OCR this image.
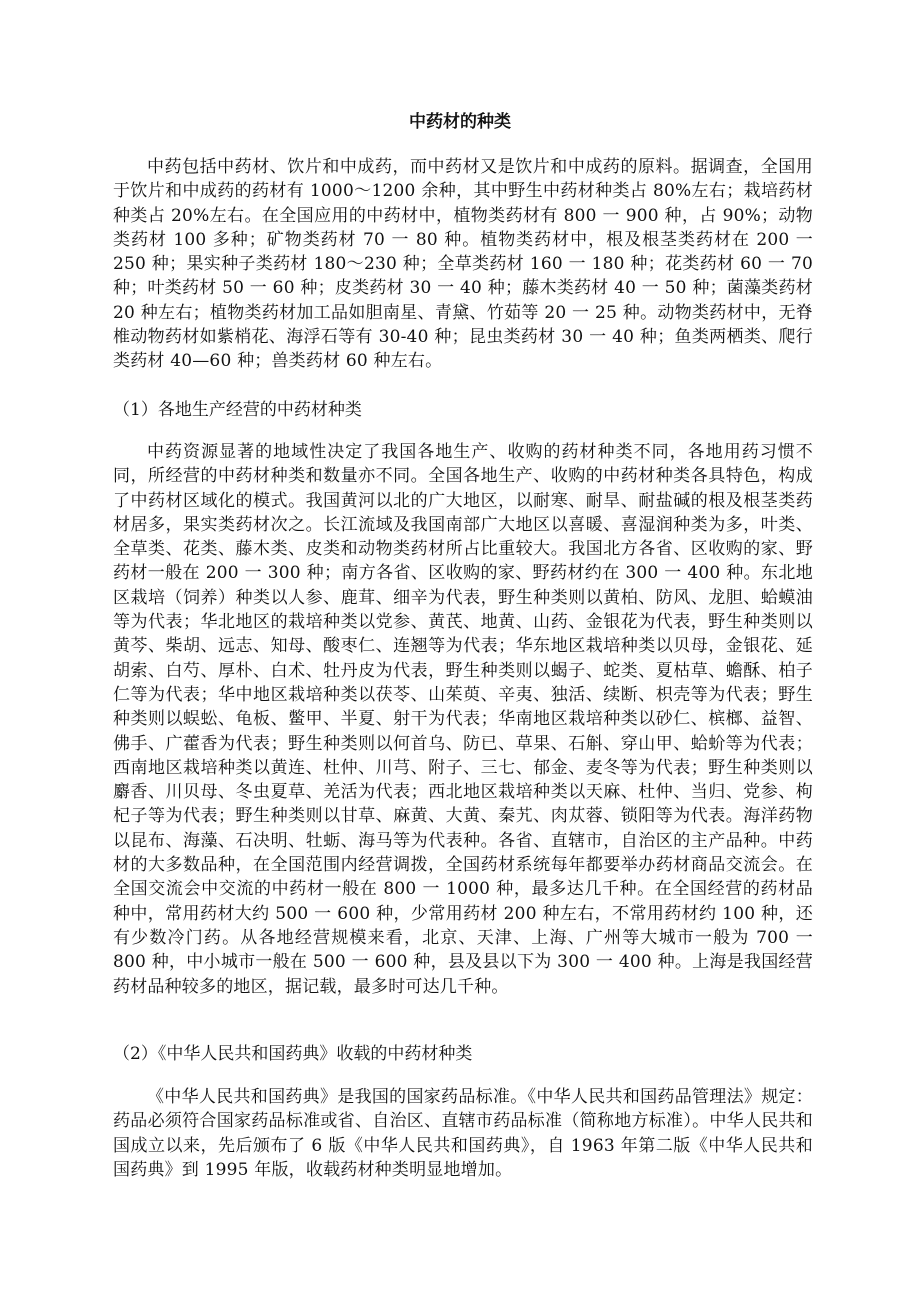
中药材的种类

中药包括中药材、饮片和中成药，而中药材又是饮片和中成药的原料。据调查，全国用于饮片和中成药的药材有 1000～1200 余种，其中野生中药材种类占 80%左右；栽培药材种类占 20%左右。在全国应用的中药材中，植物类药材有 800 一 900 种，占 90%；动物类药材 100 多种；矿物类药材 70 一 80 种。植物类药材中，根及根茎类药材在 200 一 250 种；果实种子类药材 180～230 种；全草类药材 160 一 180 种；花类药材 60 一 70 种；叶类药材 50 一 60 种；皮类药材 30 一 40 种；藤木类药材 40 一 50 种；菌藻类药材 20 种左右；植物类药材加工品如胆南星、青黛、竹茹等 20 一 25 种。动物类药材中，无脊椎动物药材如紫梢花、海浮石等有 30-40 种；昆虫类药材 30 一 40 种；鱼类两栖类、爬行类药材 40—60 种；兽类药材 60 种左右。

（1）各地生产经营的中药材种类

中药资源显著的地域性决定了我国各地生产、收购的药材种类不同，各地用药习惯不同，所经营的中药材种类和数量亦不同。全国各地生产、收购的中药材种类各具特色，构成了中药材区域化的模式。我国黄河以北的广大地区，以耐寒、耐旱、耐盐碱的根及根茎类药材居多，果实类药材次之。长江流域及我国南部广大地区以喜暖、喜湿润种类为多，叶类、全草类、花类、藤木类、皮类和动物类药材所占比重较大。我国北方各省、区收购的家、野药材一般在 200 一 300 种；南方各省、区收购的家、野药材约在 300 一 400 种。东北地区栽培（饲养）种类以人参、鹿茸、细辛为代表，野生种类则以黄柏、防风、龙胆、蛤蟆油等为代表；华北地区的栽培种类以党参、黄芪、地黄、山药、金银花为代表，野生种类则以黄芩、柴胡、远志、知母、酸枣仁、连翘等为代表；华东地区栽培种类以贝母，金银花、延胡索、白芍、厚朴、白术、牡丹皮为代表，野生种类则以蝎子、蛇类、夏枯草、蟾酥、柏子仁等为代表；华中地区栽培种类以茯苓、山茱萸、辛夷、独活、续断、枳壳等为代表；野生种类则以蜈蚣、龟板、鳖甲、半夏、射干为代表；华南地区栽培种类以砂仁、槟榔、益智、佛手、广藿香为代表；野生种类则以何首乌、防已、草果、石斛、穿山甲、蛤蚧等为代表；西南地区栽培种类以黄连、杜仲、川芎、附子、三七、郁金、麦冬等为代表；野生种类则以麝香、川贝母、冬虫夏草、羌活为代表；西北地区栽培种类以天麻、杜仲、当归、党参、枸杞子等为代表；野生种类则以甘草、麻黄、大黄、秦艽、肉苁蓉、锁阳等为代表。海洋药物以昆布、海藻、石决明、牡蛎、海马等为代表种。各省、直辖市，自治区的主产品种。中药材的大多数品种，在全国范围内经营调拨，全国药材系统每年都要举办药材商品交流会。在全国交流会中交流的中药材一般在 800 一 1000 种，最多达几千种。在全国经营的药材品种中，常用药材大约 500 一 600 种，少常用药材 200 种左右，不常用药材约 100 种，还有少数冷门药。从各地经营规模来看，北京、天津、上海、广州等大城市一般为 700 一 800 种，中小城市一般在 500 一 600 种，县及县以下为 300 一 400 种。上海是我国经营药材品种较多的地区，据记载，最多时可达几千种。

（2）《中华人民共和国药典》收载的中药材种类

《中华人民共和国药典》是我国的国家药品标准。《中华人民共和国药品管理法》规定：药品必须符合国家药品标准或省、自治区、直辖市药品标准（简称地方标准）。中华人民共和国成立以来，先后颁布了 6 版《中华人民共和国药典》，自 1963 年第二版《中华人民共和国药典》到 1995 年版，收载药材种类明显地增加。
